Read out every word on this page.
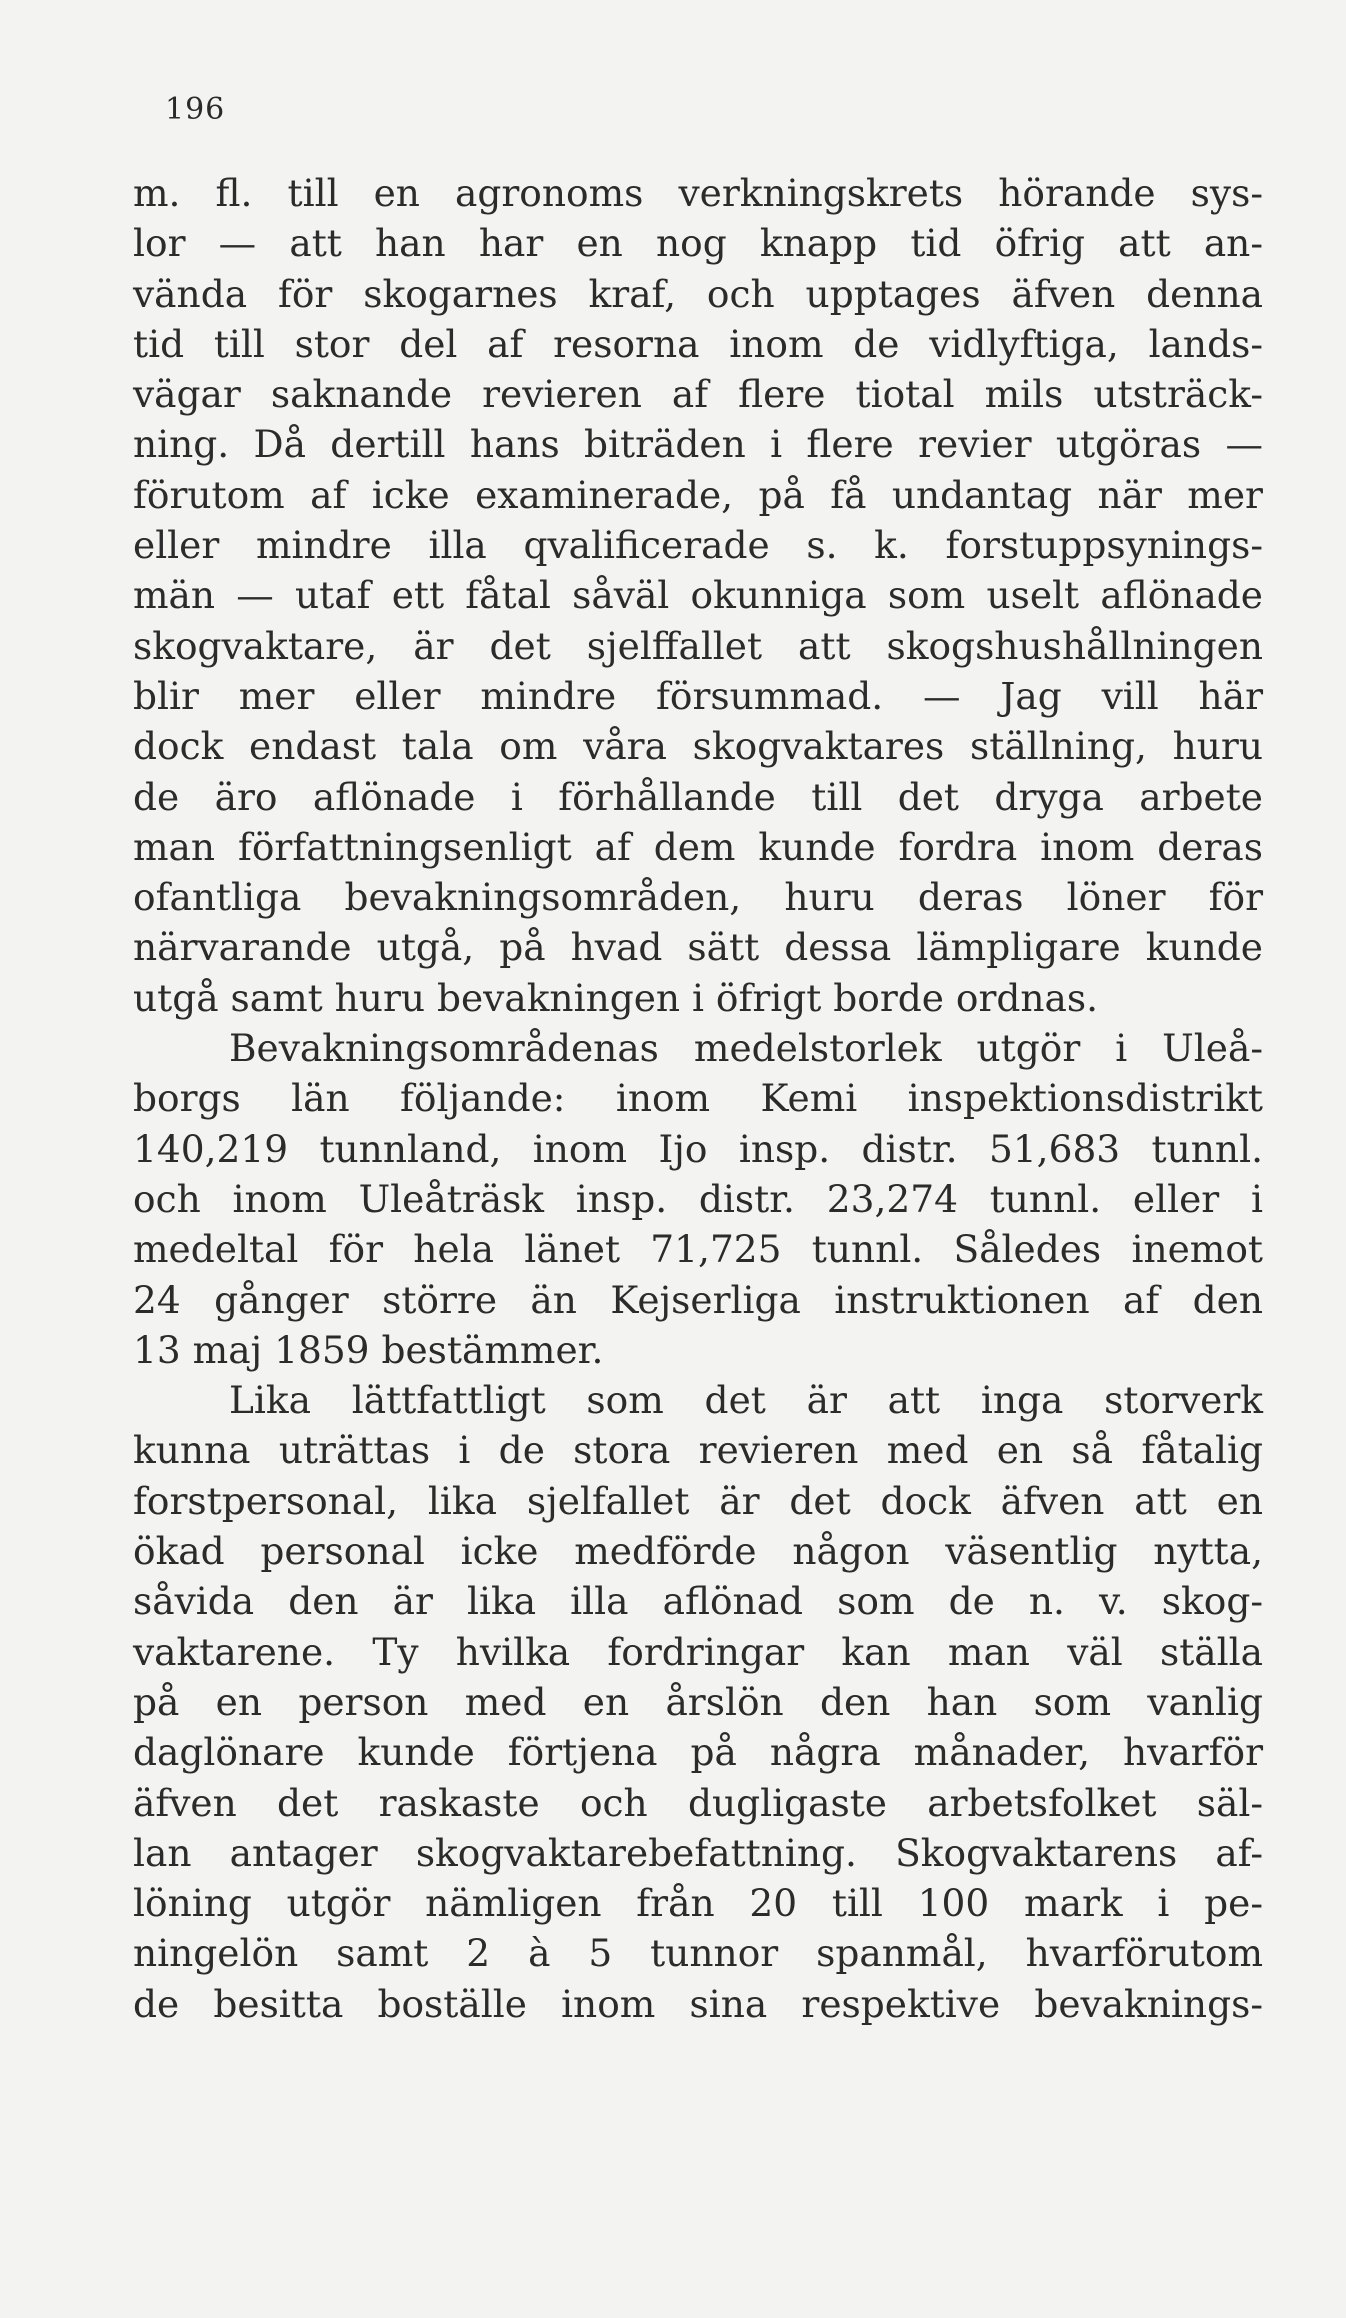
196
m. fl. till en agronoms verkningskrets hörande sys-
lor — att han har en nog knapp tid öfrig att an-
vända för skogarnes kraf, och upptages äfven denna
tid till stor del af resorna inom de vidlyftiga, lands-
vägar saknande revieren af flere tiotal mils utsträck-
ning. Då dertill hans biträden i flere revier utgöras —
förutom af icke examinerade, på få undantag när mer
eller mindre illa qvalificerade s. k. forstuppsynings-
män — utaf ett fåtal såväl okunniga som uselt aflönade
skogvaktare, är det sjelffallet att skogshushållningen
blir mer eller mindre försummad. — Jag vill här
dock endast tala om våra skogvaktares ställning, huru
de äro aflönade i förhållande till det dryga arbete
man författningsenligt af dem kunde fordra inom deras
ofantliga bevakningsområden, huru deras löner för
närvarande utgå, på hvad sätt dessa lämpligare kunde
utgå samt huru bevakningen i öfrigt borde ordnas.
Bevakningsområdenas medelstorlek utgör i Uleå-
borgs län följande: inom Kemi inspektionsdistrikt
140,219 tunnland, inom Ijo insp. distr. 51,683 tunnl.
och inom Uleåträsk insp. distr. 23,274 tunnl. eller i
medeltal för hela länet 71,725 tunnl. Således inemot
24 gånger större än Kejserliga instruktionen af den
13 maj 1859 bestämmer.
Lika lättfattligt som det är att inga storverk
kunna uträttas i de stora revieren med en så fåtalig
forstpersonal, lika sjelfallet är det dock äfven att en
ökad personal icke medförde någon väsentlig nytta,
såvida den är lika illa aflönad som de n. v. skog-
vaktarene. Ty hvilka fordringar kan man väl ställa
på en person med en årslön den han som vanlig
daglönare kunde förtjena på några månader, hvarför
äfven det raskaste och dugligaste arbetsfolket säl-
lan antager skogvaktarebefattning. Skogvaktarens af-
löning utgör nämligen från 20 till 100 mark i pe-
ningelön samt 2 à 5 tunnor spanmål, hvarförutom
de besitta boställe inom sina respektive bevaknings-
